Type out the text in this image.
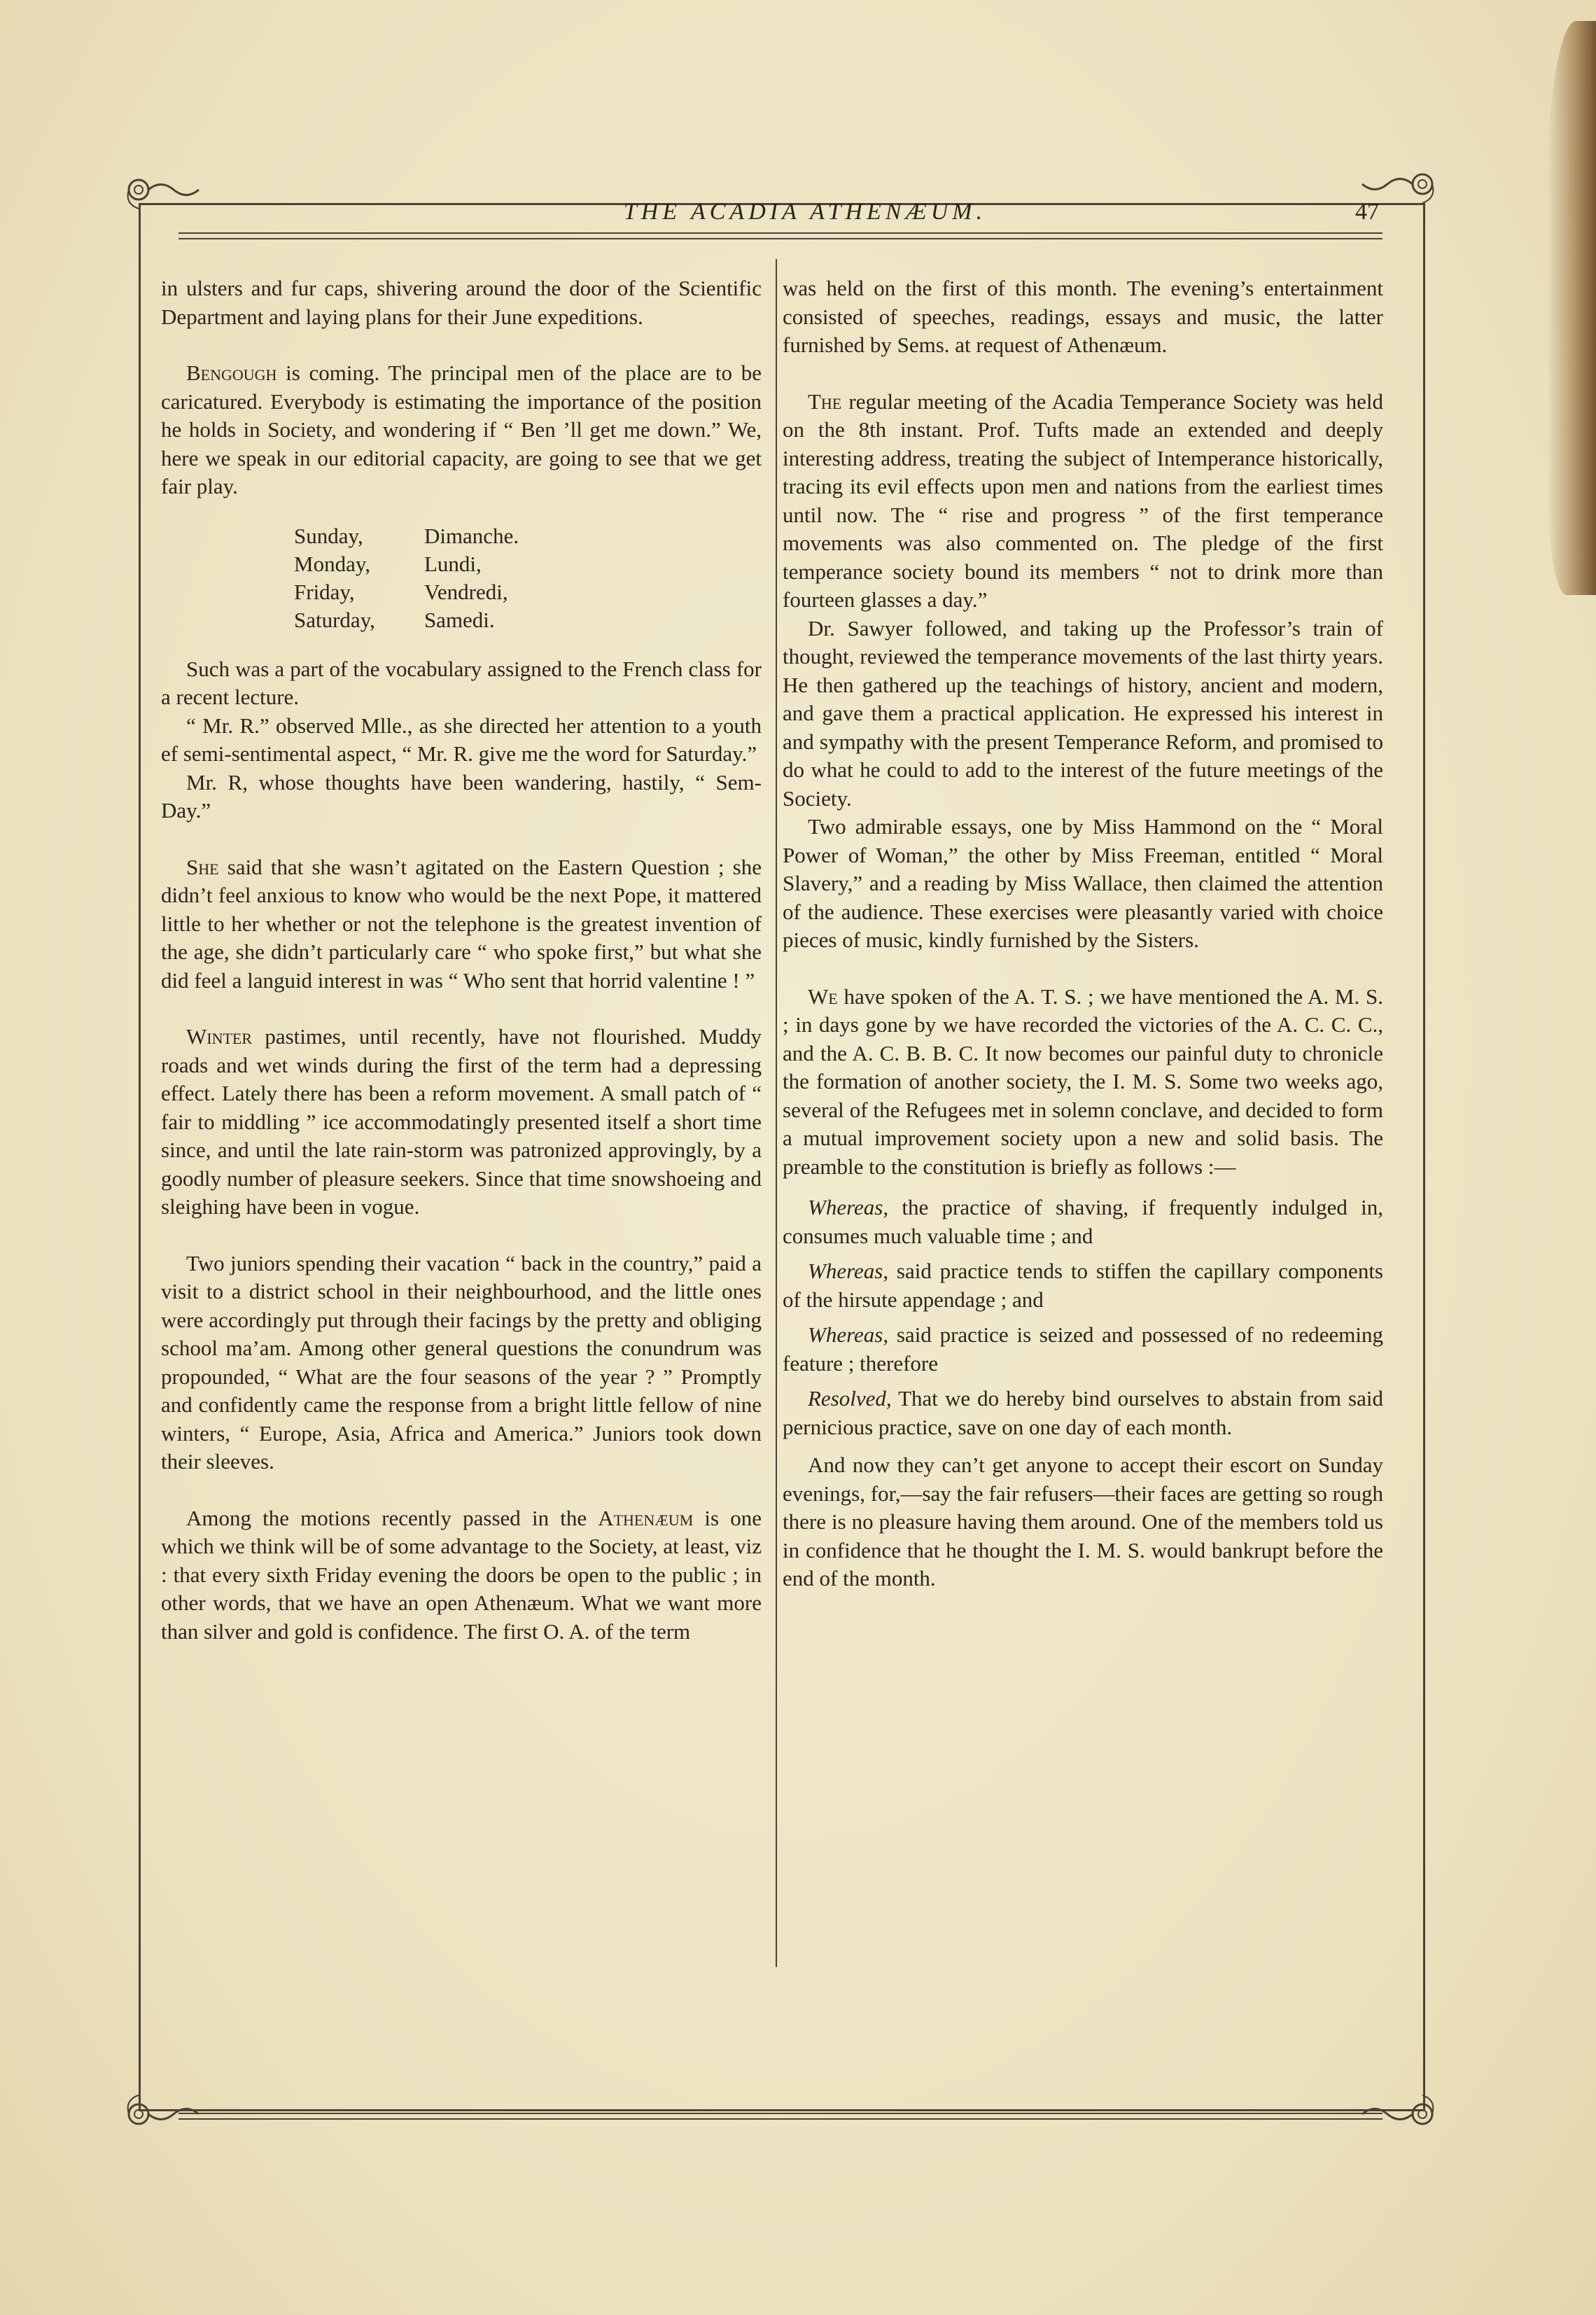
THE ACADIA ATHENÆUM.	47

in ulsters and fur caps, shivering around the door of the Scientific Department and laying plans for their June expeditions.

Bengough is coming. The principal men of the place are to be caricatured. Everybody is estimating the importance of the position he holds in Society, and wondering if “ Ben ’ll get me down.” We, here we speak in our editorial capacity, are going to see that we get fair play.

Sunday,	Dimanche.
Monday,	Lundi,
Friday,	Vendredi,
Saturday,	Samedi.

Such was a part of the vocabulary assigned to the French class for a recent lecture.

“ Mr. R.” observed Mlle., as she directed her attention to a youth ef semi-sentimental aspect, “ Mr. R. give me the word for Saturday.”

Mr. R, whose thoughts have been wandering, hastily, “ Sem-Day.”

She said that she wasn’t agitated on the Eastern Question ; she didn’t feel anxious to know who would be the next Pope, it mattered little to her whether or not the telephone is the greatest invention of the age, she didn’t particularly care “ who spoke first,” but what she did feel a languid interest in was “ Who sent that horrid valentine ! ”

Winter pastimes, until recently, have not flourished. Muddy roads and wet winds during the first of the term had a depressing effect. Lately there has been a reform movement. A small patch of “ fair to middling ” ice accommodatingly presented itself a short time since, and until the late rain-storm was patronized approvingly, by a goodly number of pleasure seekers. Since that time snowshoeing and sleighing have been in vogue.

Two juniors spending their vacation “ back in the country,” paid a visit to a district school in their neighbourhood, and the little ones were accordingly put through their facings by the pretty and obliging school ma’am. Among other general questions the conundrum was propounded, “ What are the four seasons of the year ? ” Promptly and confidently came the response from a bright little fellow of nine winters, “ Europe, Asia, Africa and America.” Juniors took down their sleeves.

Among the motions recently passed in the Athenæum is one which we think will be of some advantage to the Society, at least, viz : that every sixth Friday evening the doors be open to the public ; in other words, that we have an open Athenæum. What we want more than silver and gold is confidence. The first O. A. of the term

was held on the first of this month. The evening’s entertainment consisted of speeches, readings, essays and music, the latter furnished by Sems. at request of Athenæum.

The regular meeting of the Acadia Temperance Society was held on the 8th instant. Prof. Tufts made an extended and deeply interesting address, treating the subject of Intemperance historically, tracing its evil effects upon men and nations from the earliest times until now. The “ rise and progress ” of the first temperance movements was also commented on. The pledge of the first temperance society bound its members “ not to drink more than fourteen glasses a day.”

Dr. Sawyer followed, and taking up the Professor’s train of thought, reviewed the temperance movements of the last thirty years. He then gathered up the teachings of history, ancient and modern, and gave them a practical application. He expressed his interest in and sympathy with the present Temperance Reform, and promised to do what he could to add to the interest of the future meetings of the Society.

Two admirable essays, one by Miss Hammond on the “ Moral Power of Woman,” the other by Miss Freeman, entitled “ Moral Slavery,” and a reading by Miss Wallace, then claimed the attention of the audience. These exercises were pleasantly varied with choice pieces of music, kindly furnished by the Sisters.

We have spoken of the A. T. S. ; we have mentioned the A. M. S. ; in days gone by we have recorded the victories of the A. C. C. C., and the A. C. B. B. C. It now becomes our painful duty to chronicle the formation of another society, the I. M. S. Some two weeks ago, several of the Refugees met in solemn conclave, and decided to form a mutual improvement society upon a new and solid basis. The preamble to the constitution is briefly as follows :—

Whereas, the practice of shaving, if frequently indulged in, consumes much valuable time ; and

Whereas, said practice tends to stiffen the capillary components of the hirsute appendage ; and

Whereas, said practice is seized and possessed of no redeeming feature ; therefore

Resolved, That we do hereby bind ourselves to abstain from said pernicious practice, save on one day of each month.

And now they can’t get anyone to accept their escort on Sunday evenings, for,—say the fair refusers—their faces are getting so rough there is no pleasure having them around. One of the members told us in confidence that he thought the I. M. S. would bankrupt before the end of the month.
